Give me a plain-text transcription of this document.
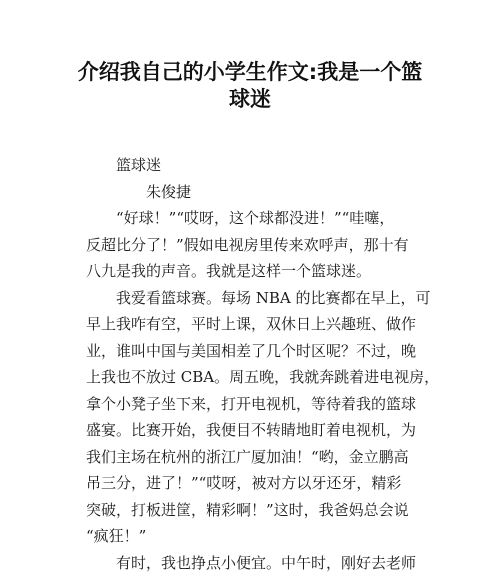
介绍我自己的小学生作文:我是一个篮
球迷
篮球迷
朱俊捷
“好球！”“哎呀，这个球都没进！”“哇噻，
反超比分了！”假如电视房里传来欢呼声，那十有
八九是我的声音。我就是这样一个篮球迷。
我爱看篮球赛。每场 NBA 的比赛都在早上，可
早上我咋有空，平时上课，双休日上兴趣班、做作
业，谁叫中国与美国相差了几个时区呢？不过，晚
上我也不放过 CBA。周五晚，我就奔跳着进电视房，
拿个小凳子坐下来，打开电视机，等待着我的篮球
盛宴。比赛开始，我便目不转睛地盯着电视机，为
我们主场在杭州的浙江广厦加油！“哟，金立鹏高
吊三分，进了！”“哎呀，被对方以牙还牙，精彩
突破，打板进筐，精彩啊！”这时，我爸妈总会说
“疯狂！”
有时，我也挣点小便宜。中午时，刚好去老师
